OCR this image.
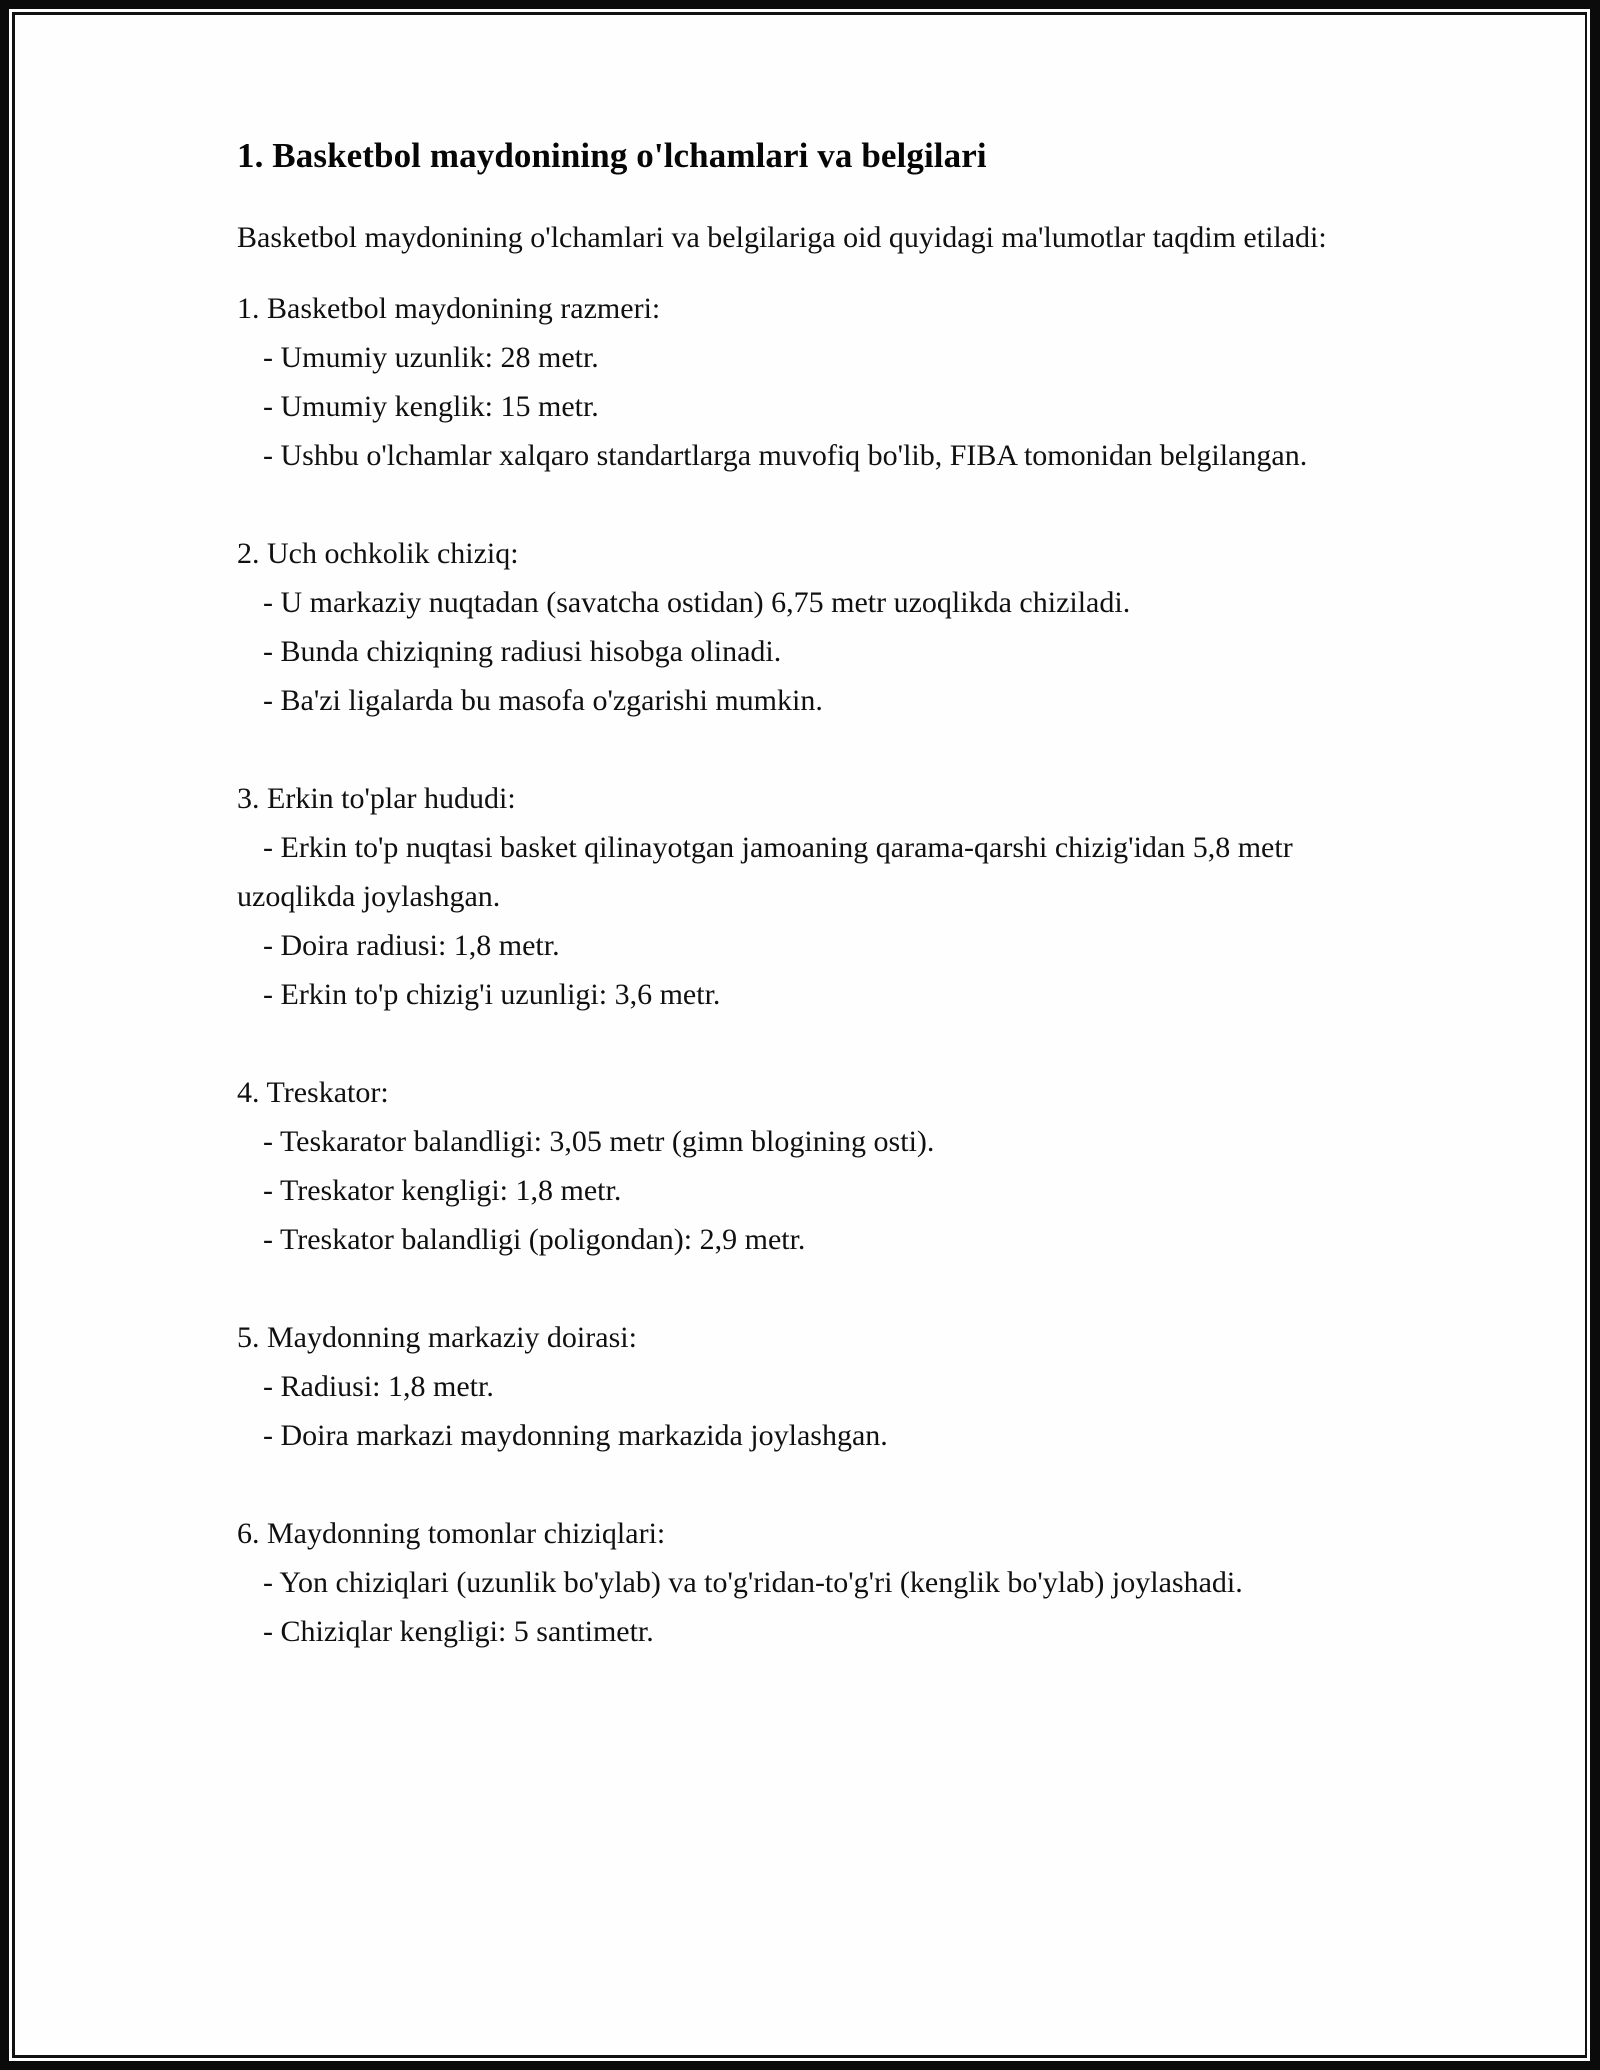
1. Basketbol maydonining o'lchamlari va belgilari

Basketbol maydonining o'lchamlari va belgilariga oid quyidagi ma'lumotlar taqdim etiladi:

1. Basketbol maydonining razmeri:
- Umumiy uzunlik: 28 metr.
- Umumiy kenglik: 15 metr.
- Ushbu o'lchamlar xalqaro standartlarga muvofiq bo'lib, FIBA tomonidan belgilangan.
2. Uch ochkolik chiziq:
- U markaziy nuqtadan (savatcha ostidan) 6,75 metr uzoqlikda chiziladi.
- Bunda chiziqning radiusi hisobga olinadi.
- Ba'zi ligalarda bu masofa o'zgarishi mumkin.
3. Erkin to'plar hududi:
- Erkin to'p nuqtasi basket qilinayotgan jamoaning qarama-qarshi chizig'idan 5,8 metr uzoqlikda joylashgan.
- Doira radiusi: 1,8 metr.
- Erkin to'p chizig'i uzunligi: 3,6 metr.
4. Treskator:
- Teskarator balandligi: 3,05 metr (gimn blogining osti).
- Treskator kengligi: 1,8 metr.
- Treskator balandligi (poligondan): 2,9 metr.
5. Maydonning markaziy doirasi:
- Radiusi: 1,8 metr.
- Doira markazi maydonning markazida joylashgan.
6. Maydonning tomonlar chiziqlari:
- Yon chiziqlari (uzunlik bo'ylab) va to'g'ridan-to'g'ri (kenglik bo'ylab) joylashadi.
- Chiziqlar kengligi: 5 santimetr.
